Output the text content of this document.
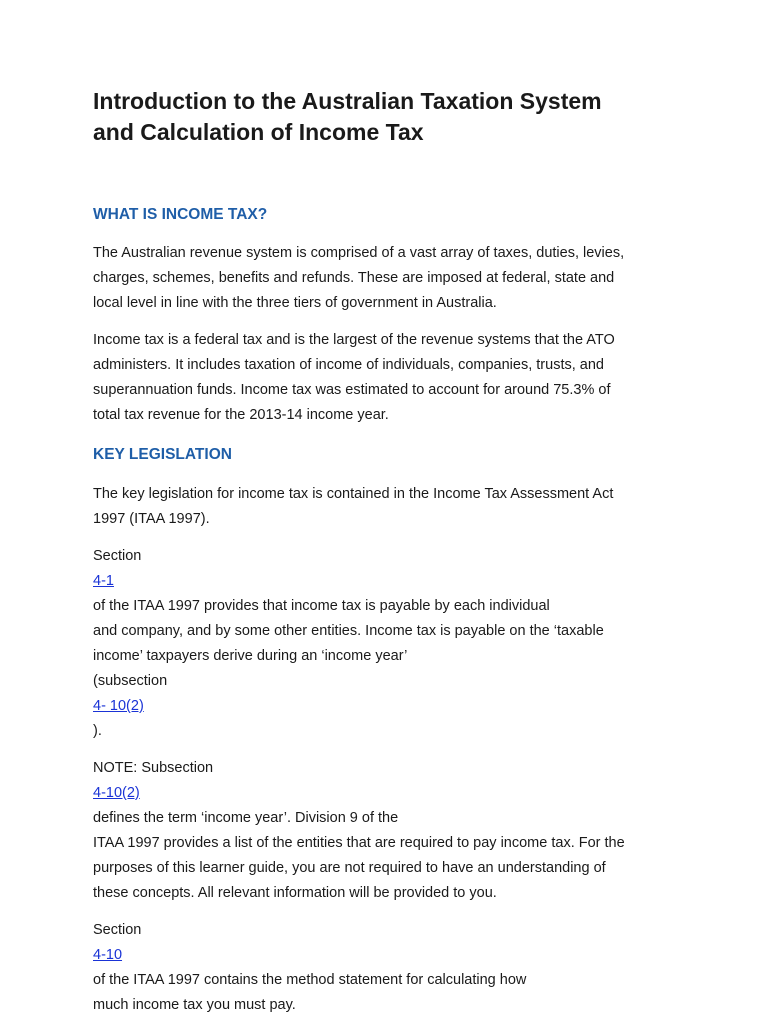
Introduction to the Australian Taxation System
and Calculation of Income Tax
WHAT IS INCOME TAX?

The Australian revenue system is comprised of a vast array of taxes, duties, levies,
charges, schemes, benefits and refunds. These are imposed at federal, state and
local level in line with the three tiers of government in Australia.

Income tax is a federal tax and is the largest of the revenue systems that the ATO
administers. It includes taxation of income of individuals, companies, trusts, and
superannuation funds. Income tax was estimated to account for around 75.3% of
total tax revenue for the 2013-14 income year.

KEY LEGISLATION

The key legislation for income tax is contained in the Income Tax Assessment Act
1997 (ITAA 1997).

Section
4-1
of the ITAA 1997 provides that income tax is payable by each individual
and company, and by some other entities. Income tax is payable on the ‘taxable
income’ taxpayers derive during an ‘income year’
(subsection
4- 10(2)
).

NOTE: Subsection
4-10(2)
defines the term ‘income year’. Division 9 of the
ITAA 1997 provides a list of the entities that are required to pay income tax. For the
purposes of this learner guide, you are not required to have an understanding of
these concepts. All relevant information will be provided to you.

Section
4-10
of the ITAA 1997 contains the method statement for calculating how
much income tax you must pay.
